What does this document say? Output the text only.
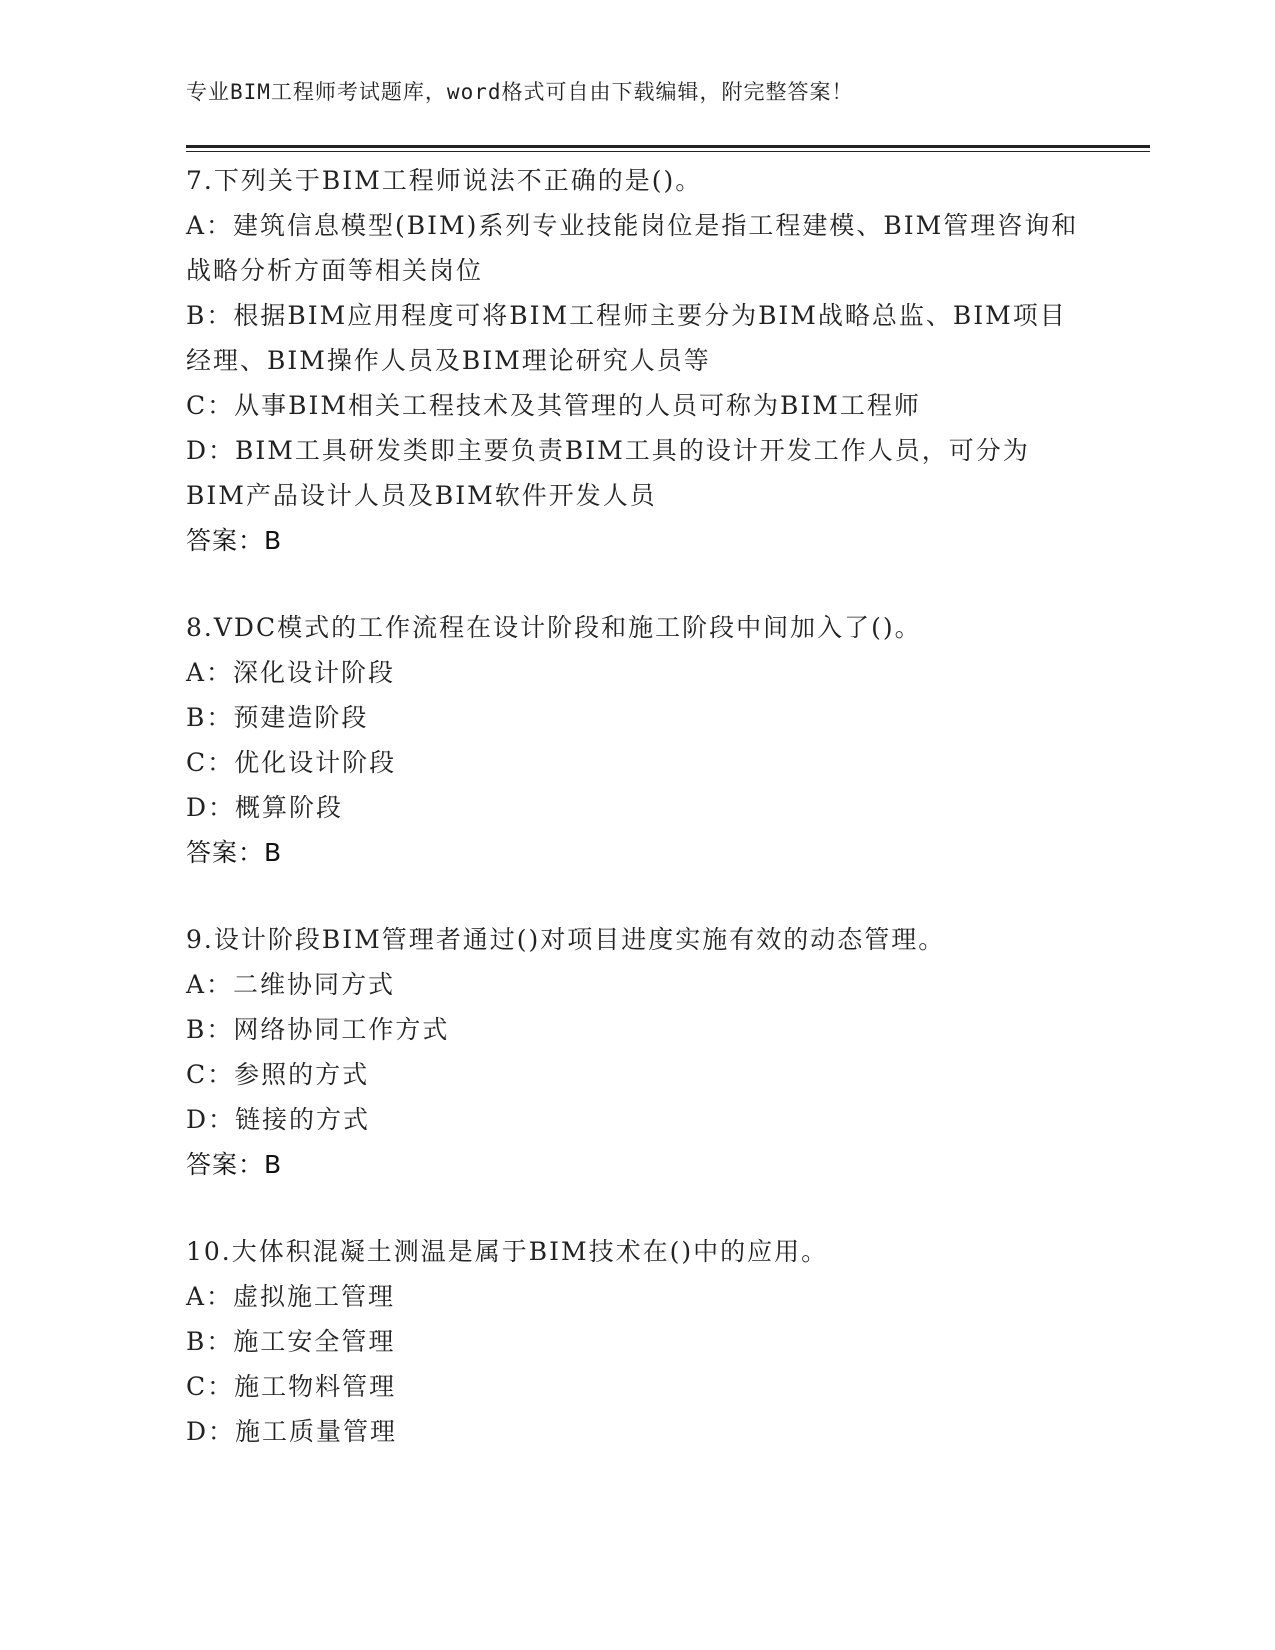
专业BIM工程师考试题库，word格式可自由下载编辑，附完整答案！
7.下列关于BIM工程师说法不正确的是()。
A：建筑信息模型(BIM)系列专业技能岗位是指工程建模、BIM管理咨询和战略分析方面等相关岗位
B：根据BIM应用程度可将BIM工程师主要分为BIM战略总监、BIM项目经理、BIM操作人员及BIM理论研究人员等
C：从事BIM相关工程技术及其管理的人员可称为BIM工程师
D：BIM工具研发类即主要负责BIM工具的设计开发工作人员，可分为BIM产品设计人员及BIM软件开发人员
答案：B
8.VDC模式的工作流程在设计阶段和施工阶段中间加入了()。
A：深化设计阶段
B：预建造阶段
C：优化设计阶段
D：概算阶段
答案：B
9.设计阶段BIM管理者通过()对项目进度实施有效的动态管理。
A：二维协同方式
B：网络协同工作方式
C：参照的方式
D：链接的方式
答案：B
10.大体积混凝土测温是属于BIM技术在()中的应用。
A：虚拟施工管理
B：施工安全管理
C：施工物料管理
D：施工质量管理
